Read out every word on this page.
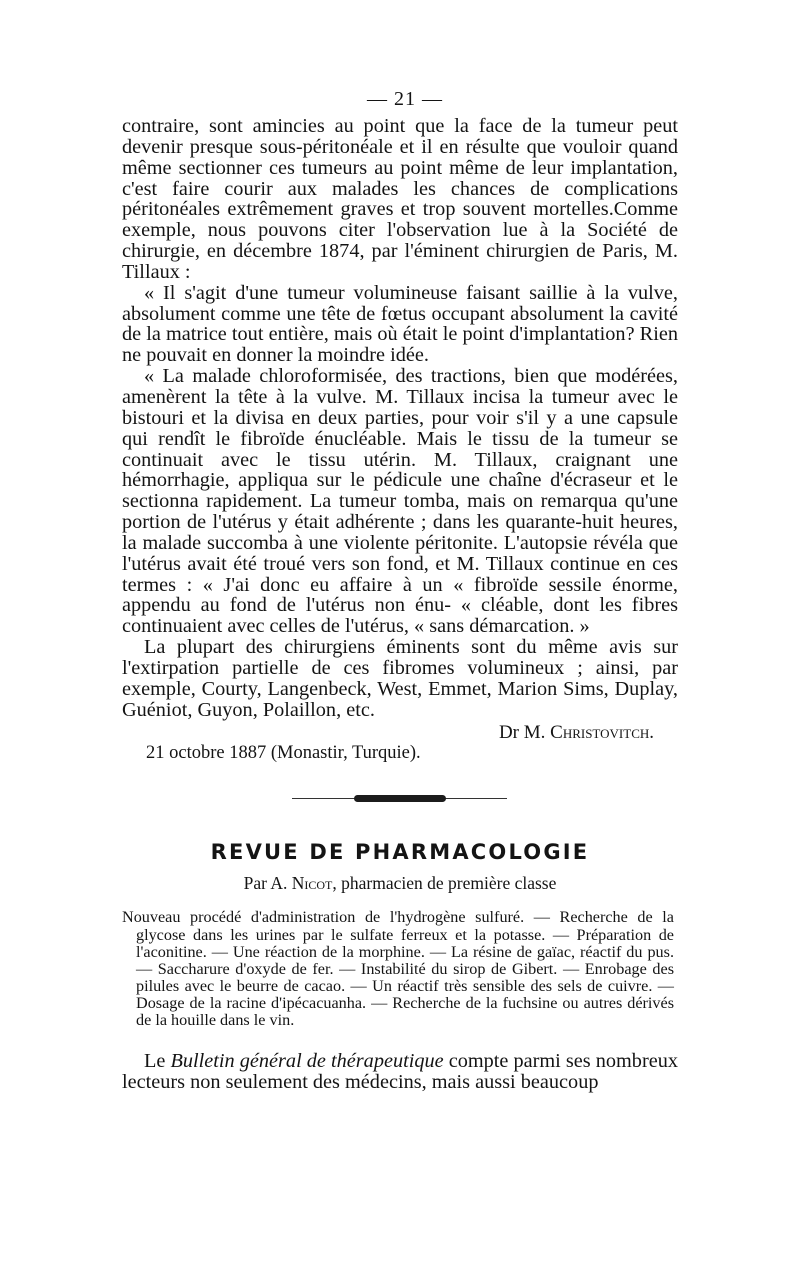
— 21 —

contraire, sont amincies au point que la face de la tumeur peut devenir presque sous-péritonéale et il en résulte que vouloir quand même sectionner ces tumeurs au point même de leur implantation, c'est faire courir aux malades les chances de complications péritonéales extrêmement graves et trop souvent mortelles.Comme exemple, nous pouvons citer l'observation lue à la Société de chirurgie, en décembre 1874, par l'éminent chirurgien de Paris, M. Tillaux :

« Il s'agit d'une tumeur volumineuse faisant saillie à la vulve, absolument comme une tête de fœtus occupant absolument la cavité de la matrice tout entière, mais où était le point d'implantation? Rien ne pouvait en donner la moindre idée.

« La malade chloroformisée, des tractions, bien que modérées, amenèrent la tête à la vulve. M. Tillaux incisa la tumeur avec le bistouri et la divisa en deux parties, pour voir s'il y a une capsule qui rendît le fibroïde énucléable. Mais le tissu de la tumeur se continuait avec le tissu utérin. M. Tillaux, craignant une hémorrhagie, appliqua sur le pédicule une chaîne d'écraseur et le sectionna rapidement. La tumeur tomba, mais on remarqua qu'une portion de l'utérus y était adhérente ; dans les quarante-huit heures, la malade succomba à une violente péritonite. L'autopsie révéla que l'utérus avait été troué vers son fond, et M. Tillaux continue en ces termes : « J'ai donc eu affaire à un « fibroïde sessile énorme, appendu au fond de l'utérus non énu- « cléable, dont les fibres continuaient avec celles de l'utérus, « sans démarcation. »

La plupart des chirurgiens éminents sont du même avis sur l'extirpation partielle de ces fibromes volumineux ; ainsi, par exemple, Courty, Langenbeck, West, Emmet, Marion Sims, Duplay, Guéniot, Guyon, Polaillon, etc.

Dr M. Christovitch.
21 octobre 1887 (Monastir, Turquie).
REVUE DE PHARMACOLOGIE
Par A. Nicot, pharmacien de première classe

Nouveau procédé d'administration de l'hydrogène sulfuré. — Recherche de la glycose dans les urines par le sulfate ferreux et la potasse. — Préparation de l'aconitine. — Une réaction de la morphine. — La résine de gaïac, réactif du pus. — Saccharure d'oxyde de fer. — Instabilité du sirop de Gibert. — Enrobage des pilules avec le beurre de cacao. — Un réactif très sensible des sels de cuivre. — Dosage de la racine d'ipécacuanha. — Recherche de la fuchsine ou autres dérivés de la houille dans le vin.

Le Bulletin général de thérapeutique compte parmi ses nombreux lecteurs non seulement des médecins, mais aussi beaucoup
